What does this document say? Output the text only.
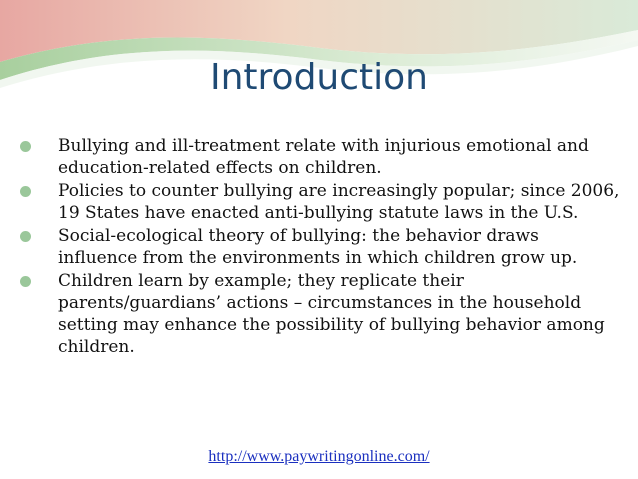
Introduction
Bullying and ill-treatment relate with injurious emotional and education-related effects on children.
Policies to counter bullying are increasingly popular; since 2006, 19 States have enacted anti-bullying statute laws in the U.S.
Social-ecological theory of bullying: the behavior draws influence from the environments in which children grow up.
Children learn by example; they replicate their parents/guardians’ actions – circumstances in the household setting may enhance the possibility of bullying behavior among children.
http://www.paywritingonline.com/
